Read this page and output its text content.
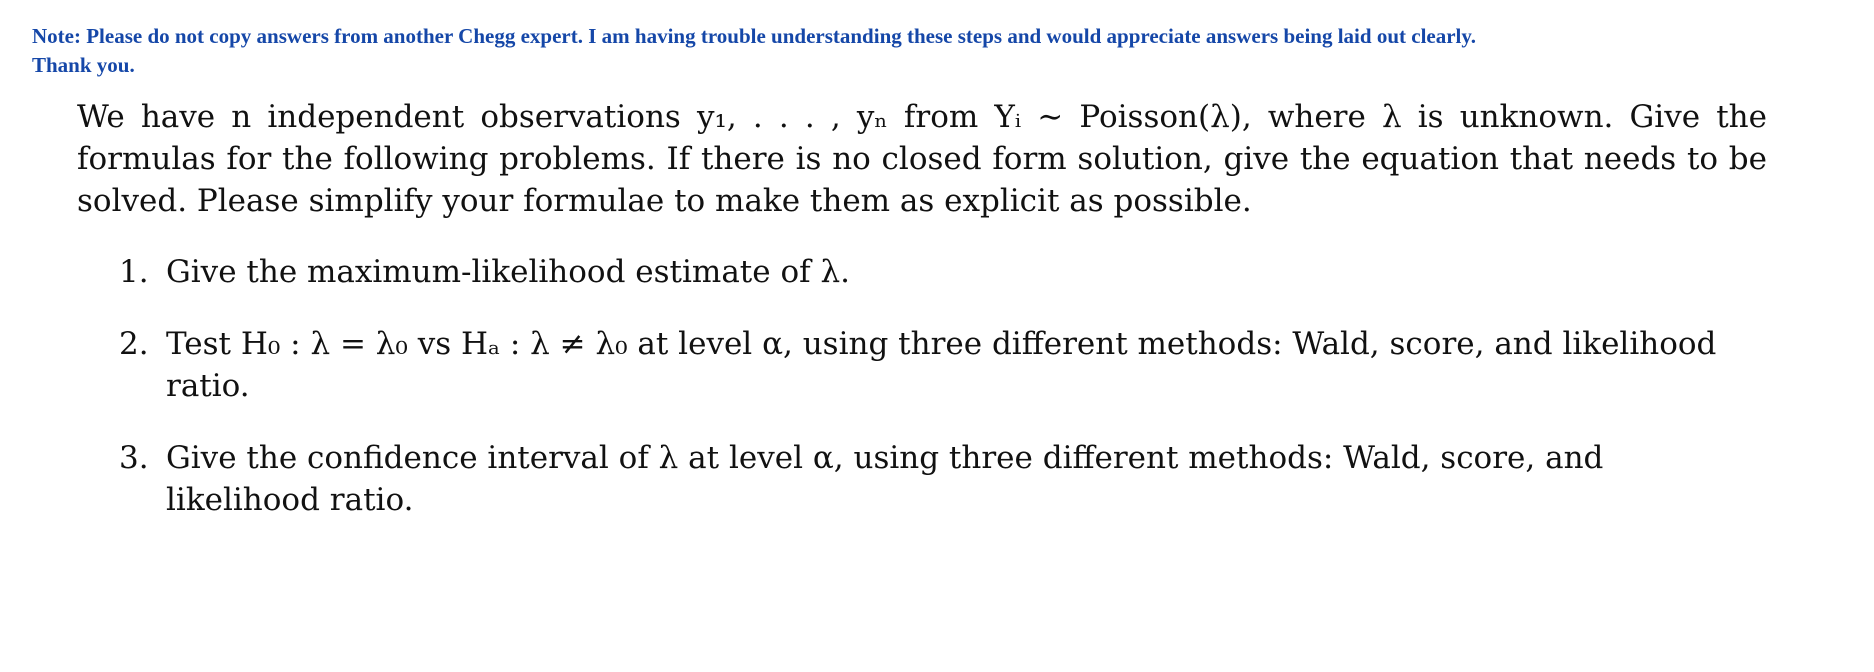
Note: Please do not copy answers from another Chegg expert. I am having trouble understanding these steps and would appreciate answers being laid out clearly.
Thank you.

We have n independent observations y₁, . . . , yₙ from Yᵢ ∼ Poisson(λ), where λ is unknown. Give the formulas for the following problems. If there is no closed form solution, give the equation that needs to be solved. Please simplify your formulae to make them as explicit as possible.

1. Give the maximum-likelihood estimate of λ.
2. Test H₀ : λ = λ₀ vs Hₐ : λ ≠ λ₀ at level α, using three different methods: Wald, score, and likelihood ratio.
3. Give the confidence interval of λ at level α, using three different methods: Wald, score, and likelihood ratio.
